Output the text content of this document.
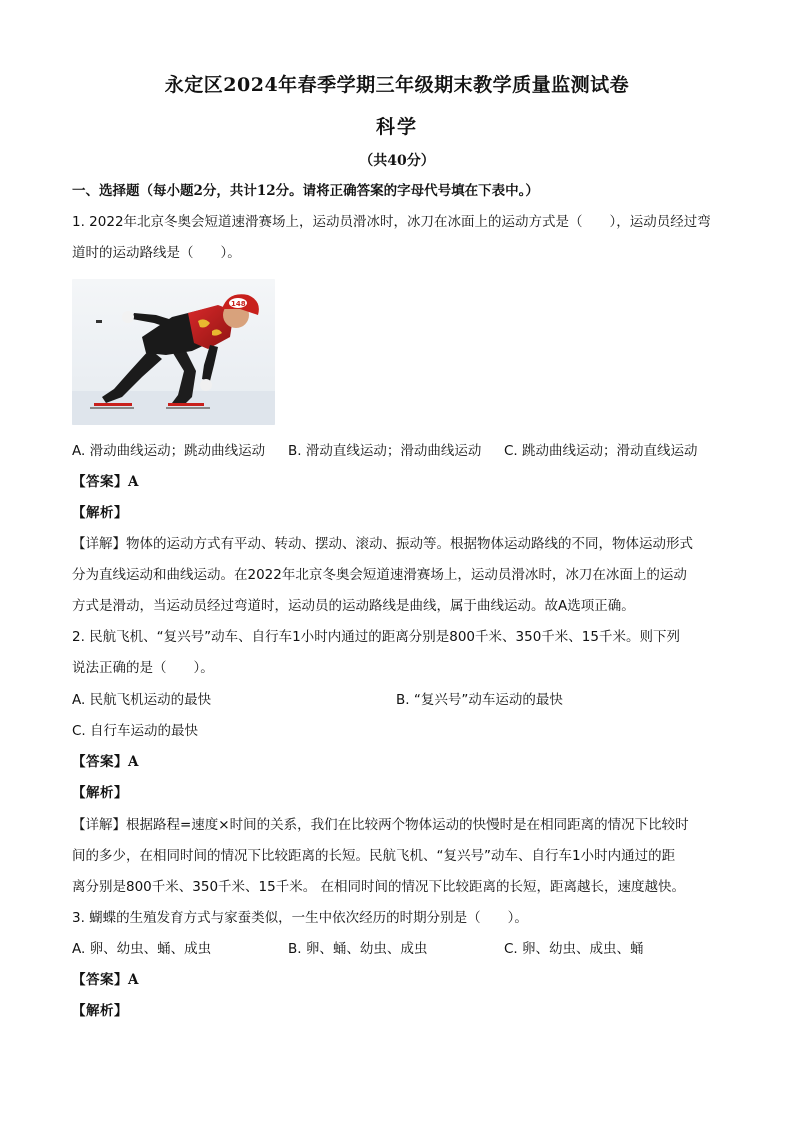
永定区2024年春季学期三年级期末教学质量监测试卷
科学
（共40分）
一、选择题（每小题2分，共计12分。请将正确答案的字母代号填在下表中。）
1. 2022年北京冬奥会短道速滑赛场上，运动员滑冰时，冰刀在冰面上的运动方式是（　　），运动员经过弯
道时的运动路线是（　　）。
148
A. 滑动曲线运动；跳动曲线运动 B. 滑动直线运动；滑动曲线运动 C. 跳动曲线运动；滑动直线运动
【答案】A
【解析】
【详解】物体的运动方式有平动、转动、摆动、滚动、振动等。根据物体运动路线的不同，物体运动形式
分为直线运动和曲线运动。在2022年北京冬奥会短道速滑赛场上，运动员滑冰时，冰刀在冰面上的运动
方式是滑动，当运动员经过弯道时，运动员的运动路线是曲线，属于曲线运动。故A选项正确。
2. 民航飞机、“复兴号”动车、自行车1小时内通过的距离分别是800千米、350千米、15千米。则下列
说法正确的是（　　）。
A. 民航飞机运动的最快	B. “复兴号”动车运动的最快
C. 自行车运动的最快
【答案】A
【解析】
【详解】根据路程=速度×时间的关系，我们在比较两个物体运动的快慢时是在相同距离的情况下比较时
间的多少，在相同时间的情况下比较距离的长短。民航飞机、“复兴号”动车、自行车1小时内通过的距
离分别是800千米、350千米、15千米。 在相同时间的情况下比较距离的长短，距离越长，速度越快。
3. 蝴蝶的生殖发育方式与家蚕类似，一生中依次经历的时期分别是（　　）。
A. 卵、幼虫、蛹、成虫	B. 卵、蛹、幼虫、成虫	C. 卵、幼虫、成虫、蛹
【答案】A
【解析】
